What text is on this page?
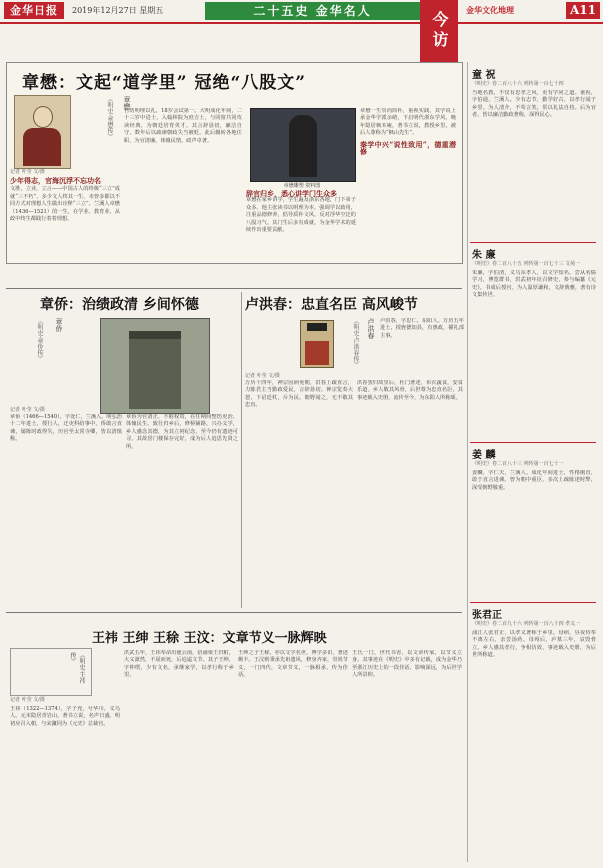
金华日报	2019年12月27日 星期五	二十五史 金华名人	今访
金华文化地理	A11
章懋：文起“道学里” 冠绝“八股文”
《明史·章懋传》	章懋
记者 叶莹 文/摄
少年得志，官海沉浮不忘功名
文胜，立业，立言——中国古人的终极“三立”成就“三不朽”。多少文人终其一生，未曾多都以不同方式对理想人生做出诠释“三立”。兰溪人章懋（1436—1521）的一生，在学业、教育业、从政中终生都践行着着理想。
自幼明理以礼，18岁会试第一。大明成化年间，二十三岁中进士，入翰林院为庶吉士，与同窗共同攻读经典，为朝廷培育英才。其言辞恳切，廉洁自守，数年后以疏谏朝政失当被贬。此后辗转各地任职，为官清廉，体恤民情，政声卓著。
章懋雕塑 资料图
辞官归乡，悉心讲学门生众多
章懋在家乡讲学，学生遍及浙东各地，门下弟子众多。他主张读书以明理为本，强调学以致用，注重品德修养，倡导质朴文风，反对浮华空泛的八股习气。其门生后多有成就，为金华学术的延续作出重要贡献。
章懋一生崇尚简朴，重视实践，其学说上承金华学派余绪，下启明代浙东学风。晚年隐居枫木庵，著书立说，教授乡里，被后人尊称为“枫山先生”。
秦学中兴“说性致用”，德重潜修
童 祝
《明史》卷二百八十六 列传第一百七十四
当地名教，不仅有忠孝之风，更有学问之道。童祝，字伯通，兰溪人。少有志节，勤学好古，以孝行闻于乡里。为人清介，不苟言笑，常以礼法自持。后为官者，皆以廉洁勤政著称，深得民心。
朱 廉
《明史》卷二百八十五 列传第一百七十三 文苑一
朱廉，字伯清，义乌东孝人，以文学知名。尝从名儒学习，博览群书，洪武初年征召修史，参与编纂《元史》，书成后授官。为人温厚谦和，文辞典雅，著有诗文集传世。
姜 麟
《明史》卷二百八十三 列传第一百七十一
姜麟，字仁夫，兰溪人。成化年间进士，性格刚直，敢于直言进谏。曾为朝中重臣，多次上疏陈述时弊，深受朝野敬重。
张君正
《明史》卷二百九十六 列传第一百八十四 孝义一
浦江人张君正，以孝义著称于乡里。母病，昼夜侍奉不离左右，亲尝汤药。母殁后，庐墓三年，哀毁骨立。乡人感其孝行，争相仿效，事迹载入史册，为后世所称道。
章侨：治绩政清 乡间怀德
《明史·章侨传》	章侨
记者 叶莹 文/摄
章侨（1466—1540），字处仁，兰溪人。明弘治十二年进士，授行人，迁吏科给事中。侨敢言直谏，屡陈时政得失，历官至太常寺卿，皆以清慎称。
章侨为官清正，不附权贵，在任期间整饬吏治，体恤民生。致仕归乡后，修桥铺路，兴办义学，乡人感念其德，为其立祠纪念，至今仍有遗迹可寻。其故居门楼保存完好，成为后人追思先贤之所。
卢洪春：忠直名臣 高风峻节
《明史·卢洪春传》	卢洪春 卢洪春，字思仁，东阳人。万历五年进士，授旌德知县，有惠政，擢礼部主事。
记者 叶莹 文/摄
万历十四年，神宗因病免朝，洪春上疏直言，力陈君主当勤政爱民，言辞恳切。神宗览奏大怒，下诏廷杖，斥为民。朝野闻之，无不敬其忠直。
洪春罢归故里后，杜门著述，布衣蔬食，安贫乐道。乡人敬其风骨，后世尊为忠直名臣，其事迹载入史册，流传至今，为东阳人所称颂。
王祎 王绅 王稌 王汶：文章节义一脉辉映
《明史·王祎传》
记者 叶莹 文/摄
王祎（1322—1374），字子充，号华川，义乌人。元末隐居青岩山，著书立说，名声日盛。明初应召入朝，与宋濂同为《元史》总裁官。
洪武五年，王祎奉命出使云南，招谕梁王归附，大义凛然，不屈而死，后追谥文节。其子王绅，字仲缙，少有文名，承继家学，以孝行称于乡里。
王绅之子王稌，亦以文学名世，博学多识，著述颇丰。王汶则秉承先祖遗风，修身齐家，崇尚节义，一门四代，文章节义，一脉相承，传为佳话。
王氏一门，世代书香，以文章传家，以节义立身。其事迹在《明史》中多有记载，成为金华乃至浙江历史上的一段佳话，影响深远，为后世学人所景仰。
